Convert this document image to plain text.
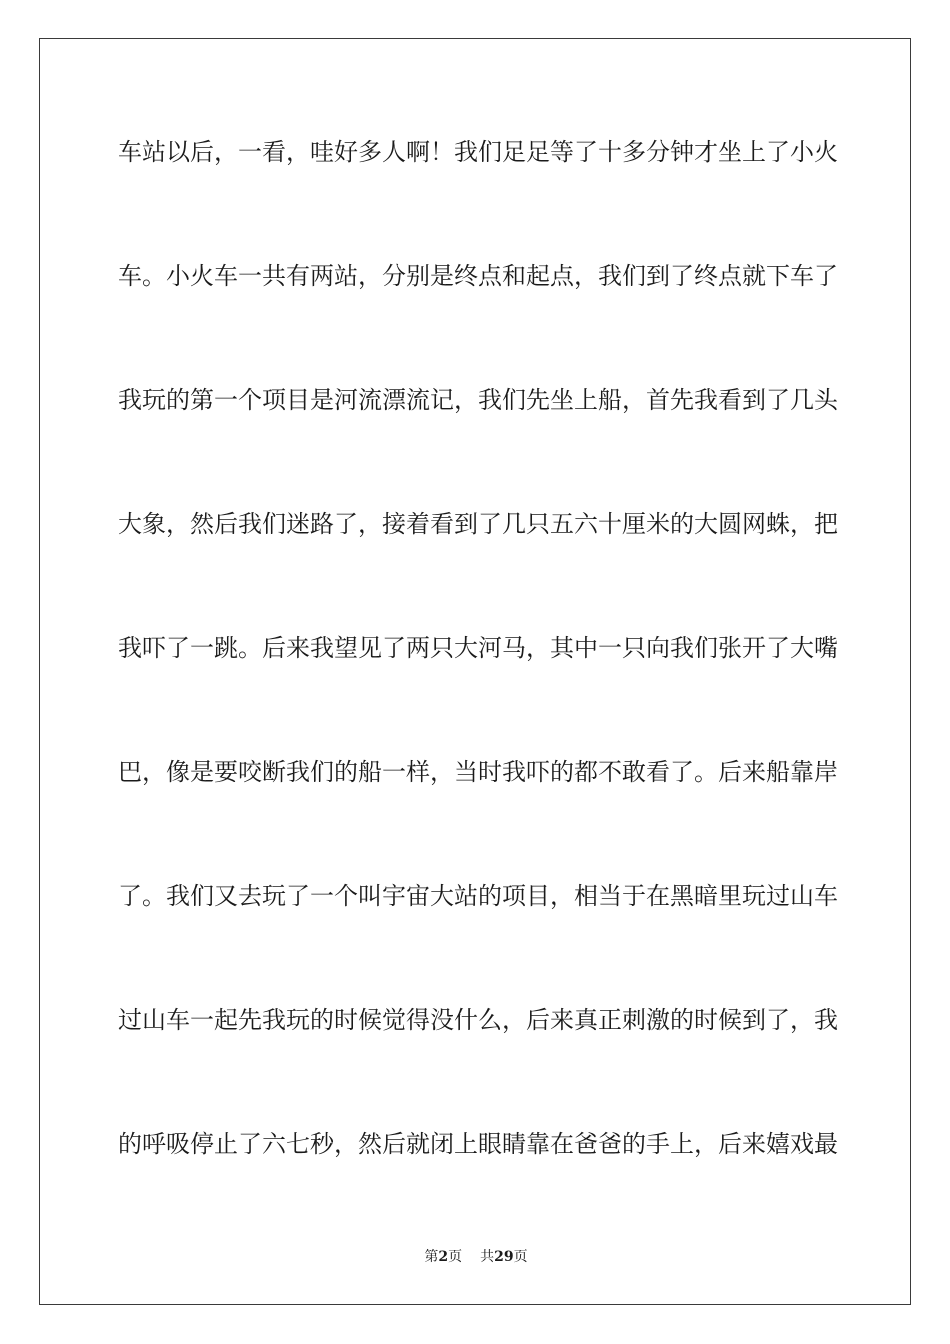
车站以后，一看，哇好多人啊！我们足足等了十多分钟才坐上了小火
车。小火车一共有两站，分别是终点和起点，我们到了终点就下车了
我玩的第一个项目是河流漂流记，我们先坐上船，首先我看到了几头
大象，然后我们迷路了，接着看到了几只五六十厘米的大圆网蛛，把
我吓了一跳。后来我望见了两只大河马，其中一只向我们张开了大嘴
巴，像是要咬断我们的船一样，当时我吓的都不敢看了。后来船靠岸
了。我们又去玩了一个叫宇宙大站的项目，相当于在黑暗里玩过山车
过山车一起先我玩的时候觉得没什么，后来真正刺激的时候到了，我
的呼吸停止了六七秒，然后就闭上眼睛靠在爸爸的手上，后来嬉戏最
第2页 共29页
